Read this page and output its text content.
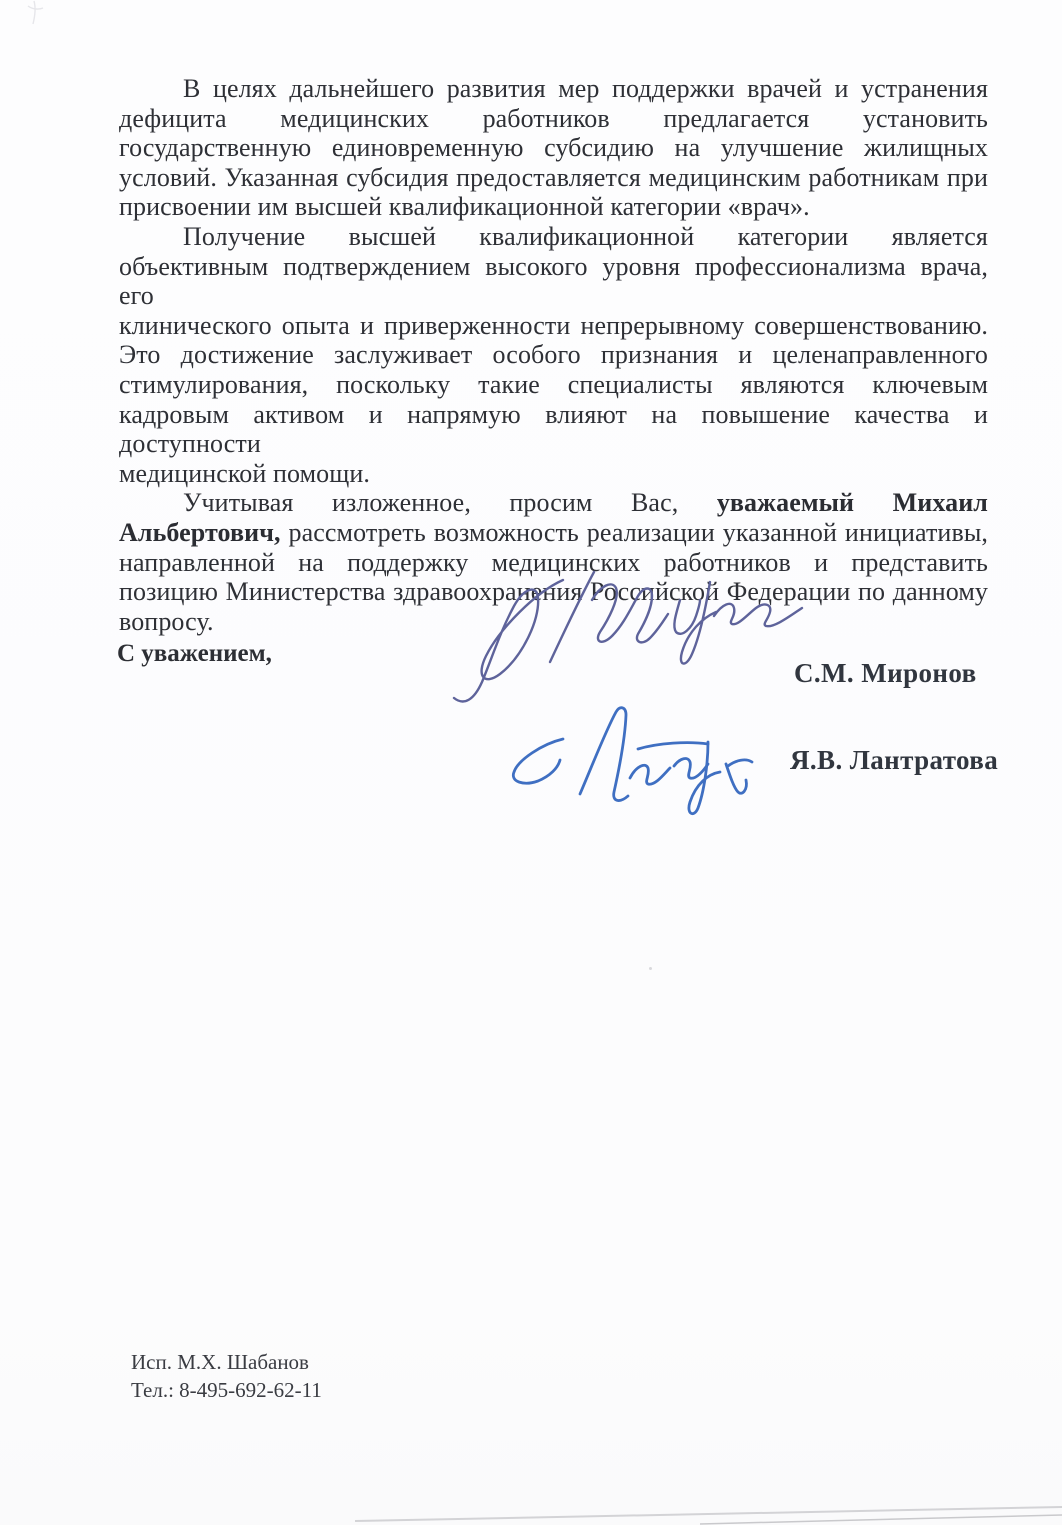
В целях дальнейшего развития мер поддержки врачей и устранения
дефицита медицинских работников предлагается установить
государственную единовременную субсидию на улучшение жилищных
условий. Указанная субсидия предоставляется медицинским работникам при
присвоении им высшей квалификационной категории «врач».
Получение высшей квалификационной категории является
объективным подтверждением высокого уровня профессионализма врача, его
клинического опыта и приверженности непрерывному совершенствованию.
Это достижение заслуживает особого признания и целенаправленного
стимулирования, поскольку такие специалисты являются ключевым
кадровым активом и напрямую влияют на повышение качества и доступности
медицинской помощи.
Учитывая изложенное, просим Вас, уважаемый Михаил
Альбертович, рассмотреть возможность реализации указанной инициативы,
направленной на поддержку медицинских работников и представить
позицию Министерства здравоохранения Российской Федерации по данному
вопросу.
С уважением,
С.М. Миронов
Я.В. Лантратова
Исп. М.Х. Шабанов
Тел.: 8-495-692-62-11
